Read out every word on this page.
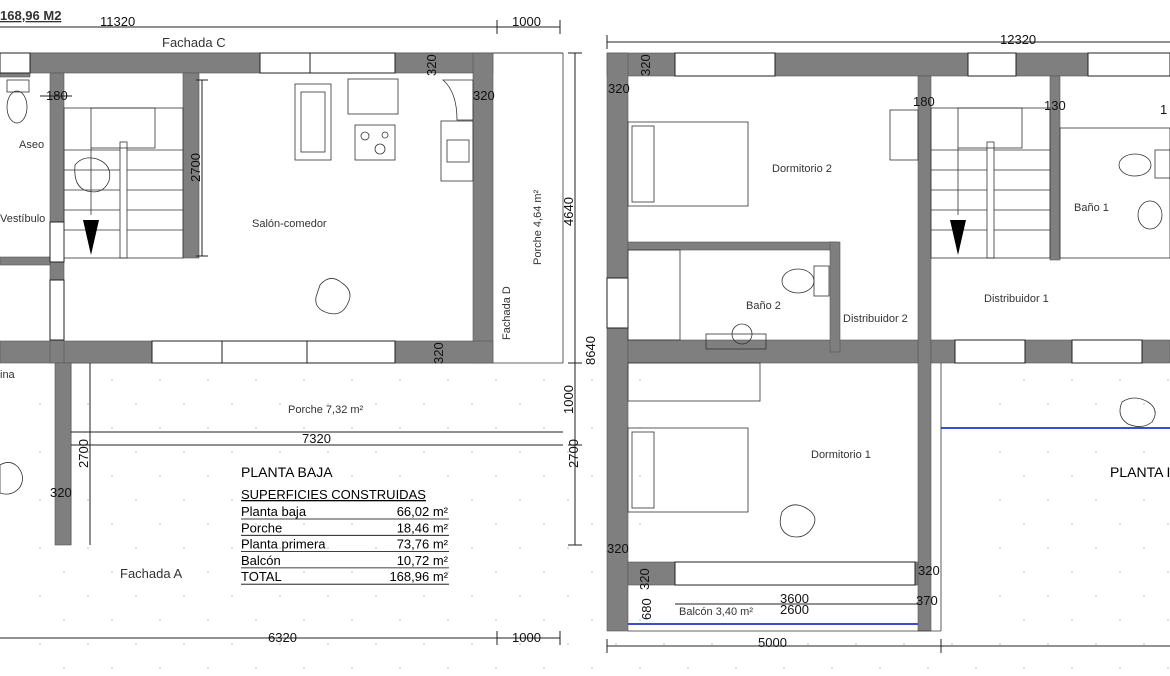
168,96 M2	11320	1000
Fachada C
2700
180
320
320
320
320
Aseo
Vestíbulo
ina
Salón-comedor	Porche 4,64 m²
Porche 7,32 m²
Fachada D
4640
1000
2700
8640
7320
2700
6320	1000
Fachada A
PLANTA BAJA
SUPERFICIES CONSTRUIDAS
Planta baja	66,02 m²
Porche	18,46 m²
Planta primera	73,76 m²
Balcón	10,72 m²
TOTAL	168,96 m²
12320
320
320
320
320
180	130	1
320
3600
2600
680	370
5000
Dormitorio 2
Baño 1
Baño 2
Distribuidor 2
Distribuidor 1
Dormitorio 1
Balcón 3,40 m²
PLANTA I
